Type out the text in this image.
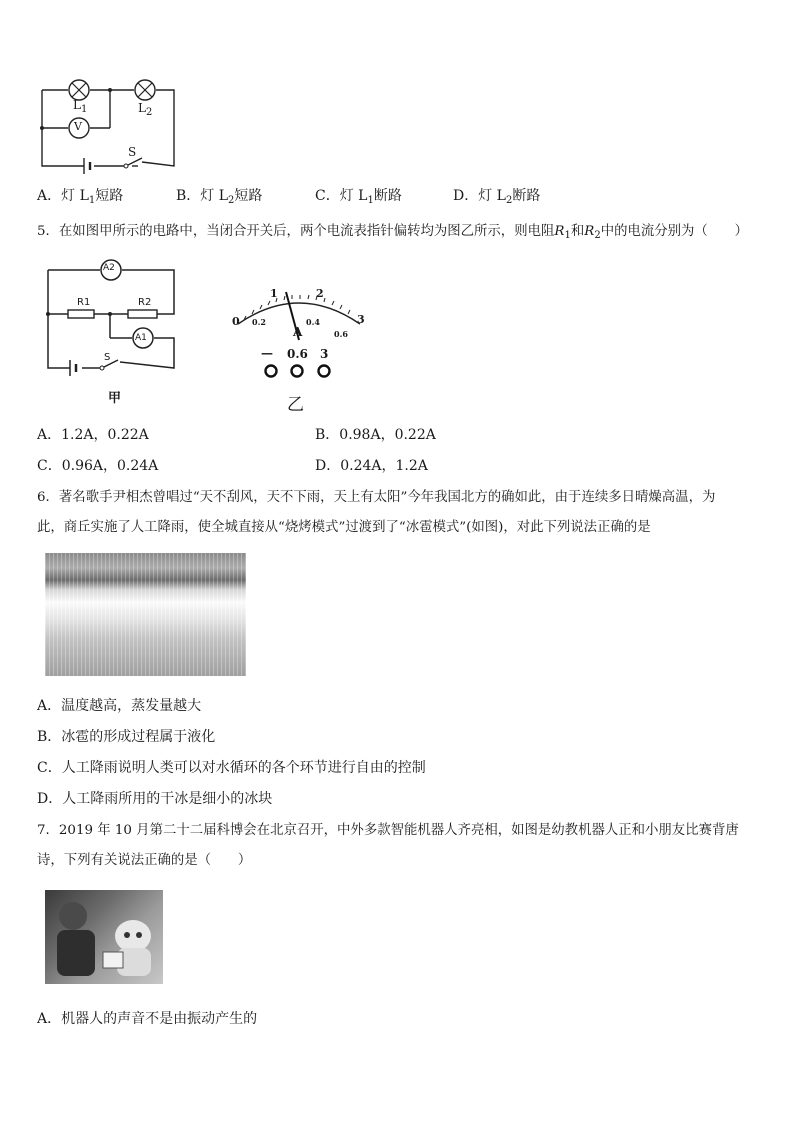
$L_1$	$L_2$
V
S
A．灯 $L_1$短路	B．灯 $L_2$短路	C．灯 $L_1$断路	D．灯 $L_2$断路
5．在如图甲所示的电路中，当闭合开关后，两个电流表指针偏转均为图乙所示，则电阻$R_1$和$R_2$中的电流分别为（　　）
A2
A1
R1	R2
S
甲
0
1	2
3
0.2	0.4
0.6
A
— 0.6 3
乙
A．1.2A，0.22A	B．0.98A，0.22A
C．0.96A，0.24A	D．0.24A，1.2A
6．著名歌手尹相杰曾唱过“天不刮风，天不下雨，天上有太阳”今年我国北方的确如此，由于连续多日晴燥高温，为
此，商丘实施了人工降雨，使全城直接从“烧烤模式”过渡到了“冰雹模式”(如图)，对此下列说法正确的是
A．温度越高，蒸发量越大
B．冰雹的形成过程属于液化
C．人工降雨说明人类可以对水循环的各个环节进行自由的控制
D．人工降雨所用的干冰是细小的冰块
7．2019 年 10 月第二十二届科博会在北京召开，中外多款智能机器人齐亮相，如图是幼教机器人正和小朋友比赛背唐
诗，下列有关说法正确的是（　　）
A．机器人的声音不是由振动产生的
